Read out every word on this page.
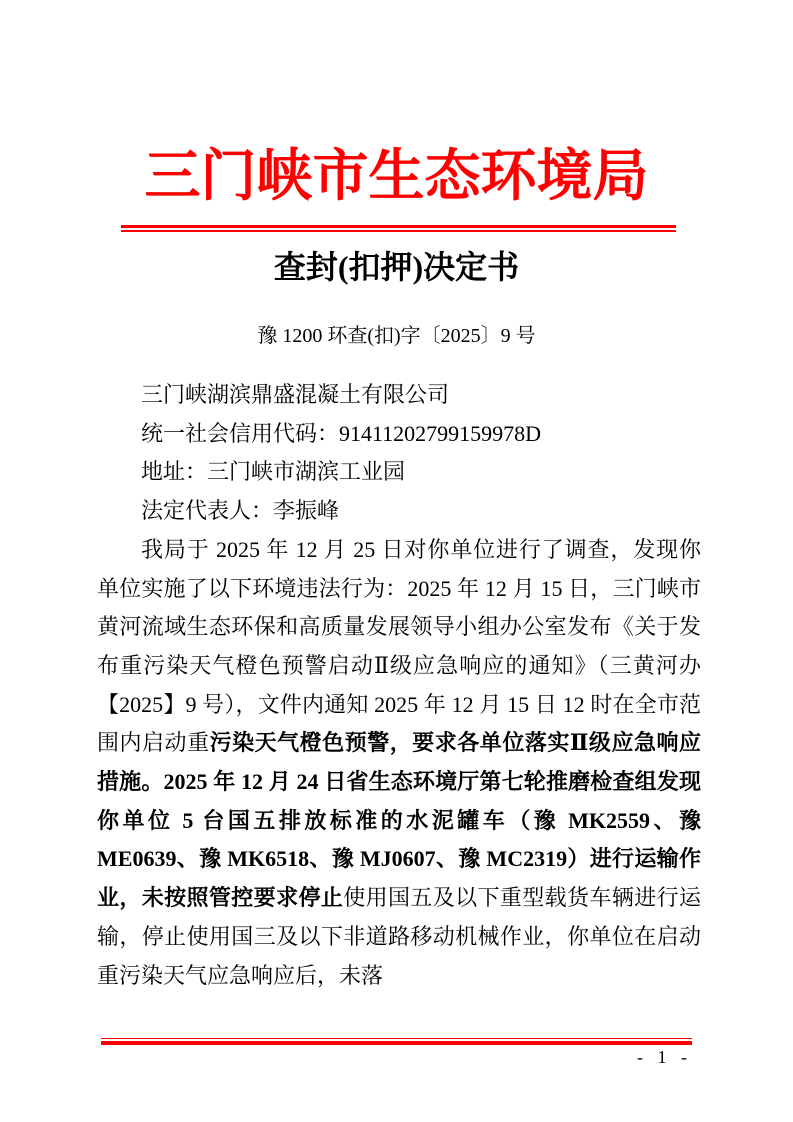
三门峡市生态环境局
查封(扣押)决定书
豫 1200 环查(扣)字〔2025〕9 号

三门峡湖滨鼎盛混凝土有限公司

统一社会信用代码：91411202799159978D

地址：三门峡市湖滨工业园

法定代表人：李振峰

我局于 2025 年 12 月 25 日对你单位进行了调查，发现你单位实施了以下环境违法行为：2025 年 12 月 15 日，三门峡市黄河流域生态环保和高质量发展领导小组办公室发布《关于发布重污染天气橙色预警启动Ⅱ级应急响应的通知》（三黄河办【2025】9 号），文件内通知 2025 年 12 月 15 日 12 时在全市范围内启动重污染天气橙色预警，要求各单位落实Ⅱ级应急响应措施。2025 年 12 月 24 日省生态环境厅第七轮推磨检查组发现你单位 5 台国五排放标准的水泥罐车（豫 MK2559、豫 ME0639、豫 MK6518、豫 MJ0607、豫 MC2319）进行运输作业，未按照管控要求停止使用国五及以下重型载货车辆进行运输，停止使用国三及以下非道路移动机械作业，你单位在启动重污染天气应急响应后，未落

- 1 -
